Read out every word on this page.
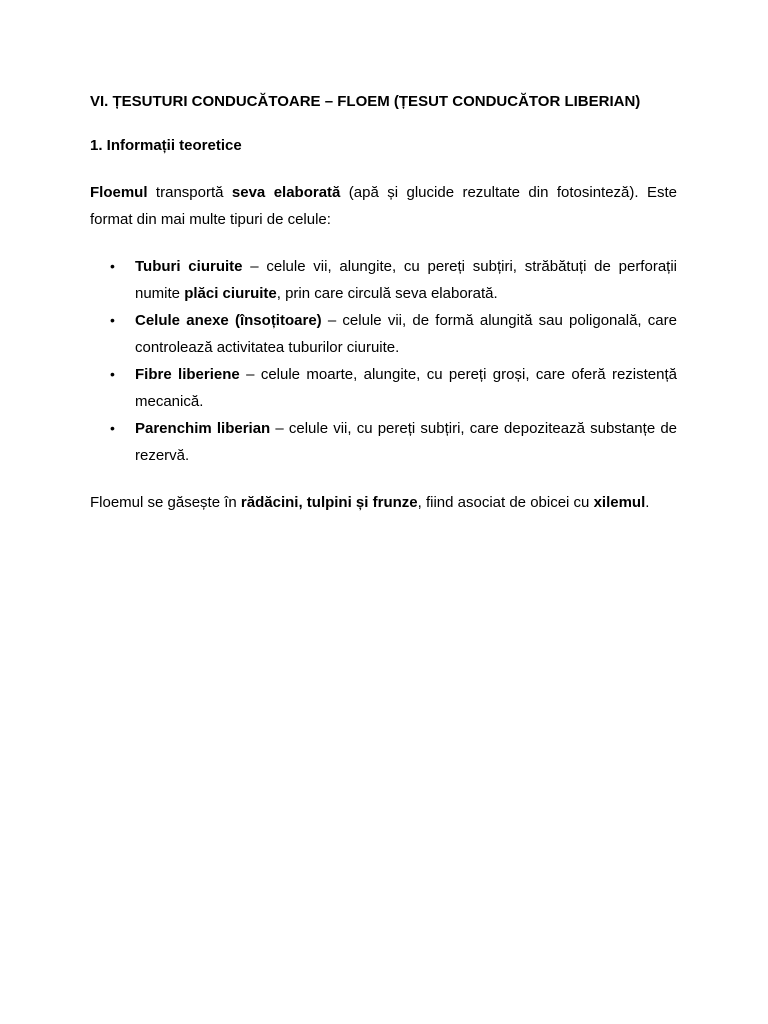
VI. ȚESUTURI CONDUCĂTOARE – FLOEM (ȚESUT CONDUCĂTOR LIBERIAN)

1. Informații teoretice

Floemul transportă seva elaborată (apă și glucide rezultate din fotosinteză). Este format din mai multe tipuri de celule:

• Tuburi ciuruite – celule vii, alungite, cu pereți subțiri, străbătuți de perforații numite plăci ciuruite, prin care circulă seva elaborată.
• Celule anexe (însoțitoare) – celule vii, de formă alungită sau poligonală, care controlează activitatea tuburilor ciuruite.
• Fibre liberiene – celule moarte, alungite, cu pereți groși, care oferă rezistență mecanică.
• Parenchim liberian – celule vii, cu pereți subțiri, care depozitează substanțe de rezervă.

Floemul se găsește în rădăcini, tulpini și frunze, fiind asociat de obicei cu xilemul.
